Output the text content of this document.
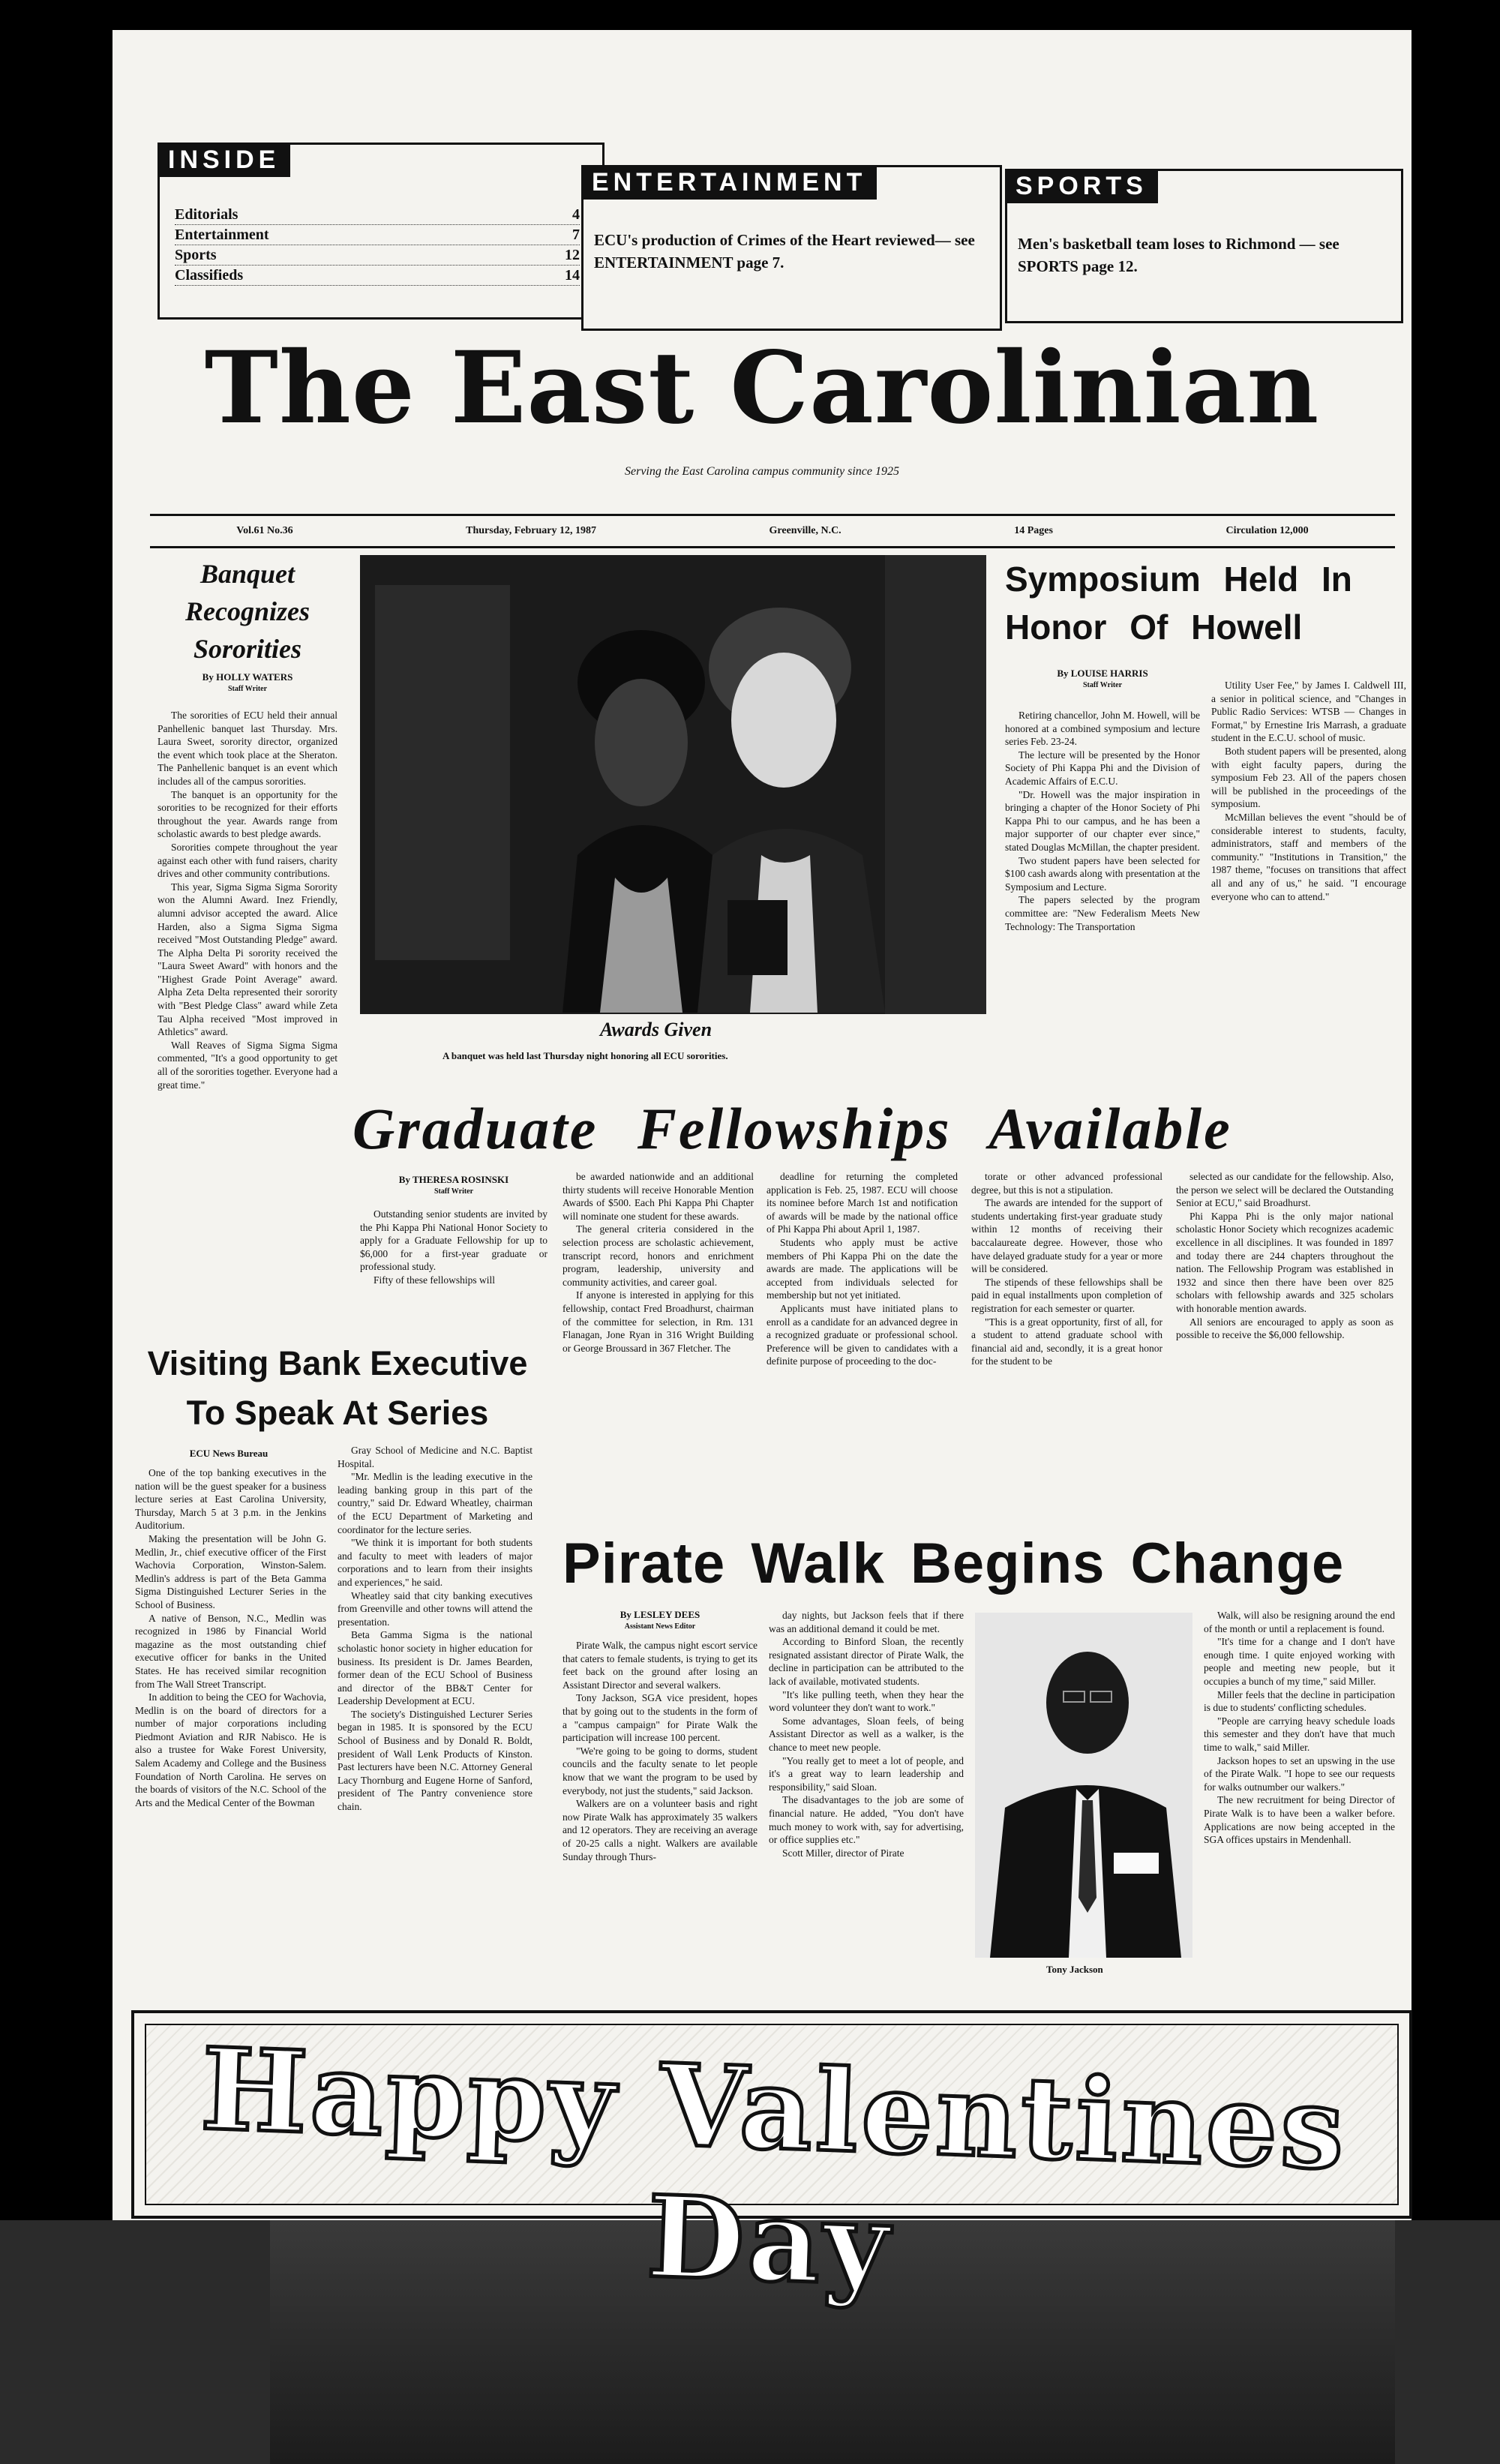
INSIDE
Editorials	4
Entertainment	7
Sports	12
Classifieds	14
ENTERTAINMENT
ECU's production of Crimes of the Heart reviewed— see ENTERTAINMENT page 7.
SPORTS
Men's basketball team loses to Richmond — see SPORTS page 12.
The East Carolinian
Serving the East Carolina campus community since 1925
Vol.61 No.36	Thursday, February 12, 1987	Greenville, N.C.	14 Pages	Circulation 12,000
Banquet Recognizes Sororities
By HOLLY WATERS
Staff Writer

The sororities of ECU held their annual Panhellenic banquet last Thursday. Mrs. Laura Sweet, sorority director, organized the event which took place at the Sheraton. The Panhellenic banquet is an event which includes all of the campus sororities.

The banquet is an opportunity for the sororities to be recognized for their efforts throughout the year. Awards range from scholastic awards to best pledge awards.

Sororities compete throughout the year against each other with fund raisers, charity drives and other community contributions.

This year, Sigma Sigma Sigma Sorority won the Alumni Award. Inez Friendly, alumni advisor accepted the award. Alice Harden, also a Sigma Sigma Sigma received "Most Outstanding Pledge" award. The Alpha Delta Pi sorority received the "Laura Sweet Award" with honors and the "Highest Grade Point Average" award. Alpha Zeta Delta represented their sorority with "Best Pledge Class" award while Zeta Tau Alpha received "Most improved in Athletics" award.

Wall Reaves of Sigma Sigma Sigma commented, "It's a good opportunity to get all of the sororities together. Everyone had a great time."

Awards Given
A banquet was held last Thursday night honoring all ECU sororities.
Symposium Held In Honor Of Howell
By LOUISE HARRIS
Staff Writer

Retiring chancellor, John M. Howell, will be honored at a combined symposium and lecture series Feb. 23-24.

The lecture will be presented by the Honor Society of Phi Kappa Phi and the Division of Academic Affairs of E.C.U.

"Dr. Howell was the major inspiration in bringing a chapter of the Honor Society of Phi Kappa Phi to our campus, and he has been a major supporter of our chapter ever since," stated Douglas McMillan, the chapter president.

Two student papers have been selected for $100 cash awards along with presentation at the Symposium and Lecture.

The papers selected by the program committee are: "New Federalism Meets New Technology: The Transportation

Utility User Fee," by James I. Caldwell III, a senior in political science, and "Changes in Public Radio Services: WTSB — Changes in Format," by Ernestine Iris Marrash, a graduate student in the E.C.U. school of music.

Both student papers will be presented, along with eight faculty papers, during the symposium Feb 23. All of the papers chosen will be published in the proceedings of the symposium.

McMillan believes the event "should be of considerable interest to students, faculty, administrators, staff and members of the community." "Institutions in Transition," the 1987 theme, "focuses on transitions that affect all and any of us," he said. "I encourage everyone who can to attend."

Graduate Fellowships Available
By THERESA ROSINSKI
Staff Writer

Outstanding senior students are invited by the Phi Kappa Phi National Honor Society to apply for a Graduate Fellowship for up to $6,000 for a first-year graduate or professional study.

Fifty of these fellowships will

be awarded nationwide and an additional thirty students will receive Honorable Mention Awards of $500. Each Phi Kappa Phi Chapter will nominate one student for these awards.

The general criteria considered in the selection process are scholastic achievement, transcript record, honors and enrichment program, leadership, university and community activities, and career goal.

If anyone is interested in applying for this fellowship, contact Fred Broadhurst, chairman of the committee for selection, in Rm. 131 Flanagan, Jone Ryan in 316 Wright Building or George Broussard in 367 Fletcher. The

deadline for returning the completed application is Feb. 25, 1987. ECU will choose its nominee before March 1st and notification of awards will be made by the national office of Phi Kappa Phi about April 1, 1987.

Students who apply must be active members of Phi Kappa Phi on the date the awards are made. The applications will be accepted from individuals selected for membership but not yet initiated.

Applicants must have initiated plans to enroll as a candidate for an advanced degree in a recognized graduate or professional school. Preference will be given to candidates with a definite purpose of proceeding to the doc-

torate or other advanced professional degree, but this is not a stipulation.

The awards are intended for the support of students undertaking first-year graduate study within 12 months of receiving their baccalaureate degree. However, those who have delayed graduate study for a year or more will be considered.

The stipends of these fellowships shall be paid in equal installments upon completion of registration for each semester or quarter.

"This is a great opportunity, first of all, for a student to attend graduate school with financial aid and, secondly, it is a great honor for the student to be

selected as our candidate for the fellowship. Also, the person we select will be declared the Outstanding Senior at ECU," said Broadhurst.

Phi Kappa Phi is the only major national scholastic Honor Society which recognizes academic excellence in all disciplines. It was founded in 1897 and today there are 244 chapters throughout the nation. The Fellowship Program was established in 1932 and since then there have been over 825 scholars with fellowship awards and 325 scholars with honorable mention awards.

All seniors are encouraged to apply as soon as possible to receive the $6,000 fellowship.

Visiting Bank Executive To Speak At Series
ECU News Bureau

One of the top banking executives in the nation will be the guest speaker for a business lecture series at East Carolina University, Thursday, March 5 at 3 p.m. in the Jenkins Auditorium.

Making the presentation will be John G. Medlin, Jr., chief executive officer of the First Wachovia Corporation, Winston-Salem. Medlin's address is part of the Beta Gamma Sigma Distinguished Lecturer Series in the School of Business.

A native of Benson, N.C., Medlin was recognized in 1986 by Financial World magazine as the most outstanding chief executive officer for banks in the United States. He has received similar recognition from The Wall Street Transcript.

In addition to being the CEO for Wachovia, Medlin is on the board of directors for a number of major corporations including Piedmont Aviation and RJR Nabisco. He is also a trustee for Wake Forest University, Salem Academy and College and the Business Foundation of North Carolina. He serves on the boards of visitors of the N.C. School of the Arts and the Medical Center of the Bowman

Gray School of Medicine and N.C. Baptist Hospital.

"Mr. Medlin is the leading executive in the leading banking group in this part of the country," said Dr. Edward Wheatley, chairman of the ECU Department of Marketing and coordinator for the lecture series.

"We think it is important for both students and faculty to meet with leaders of major corporations and to learn from their insights and experiences," he said.

Wheatley said that city banking executives from Greenville and other towns will attend the presentation.

Beta Gamma Sigma is the national scholastic honor society in higher education for business. Its president is Dr. James Bearden, former dean of the ECU School of Business and director of the BB&T Center for Leadership Development at ECU.

The society's Distinguished Lecturer Series began in 1985. It is sponsored by the ECU School of Business and by Donald R. Boldt, president of Wall Lenk Products of Kinston. Past lecturers have been N.C. Attorney General Lacy Thornburg and Eugene Horne of Sanford, president of The Pantry convenience store chain.

Pirate Walk Begins Change
By LESLEY DEES
Assistant News Editor

Pirate Walk, the campus night escort service that caters to female students, is trying to get its feet back on the ground after losing an Assistant Director and several walkers.

Tony Jackson, SGA vice president, hopes that by going out to the students in the form of a "campus campaign" for Pirate Walk the participation will increase 100 percent.

"We're going to be going to dorms, student councils and the faculty senate to let people know that we want the program to be used by everybody, not just the students," said Jackson.

Walkers are on a volunteer basis and right now Pirate Walk has approximately 35 walkers and 12 operators. They are receiving an average of 20-25 calls a night. Walkers are available Sunday through Thurs-

day nights, but Jackson feels that if there was an additional demand it could be met.

According to Binford Sloan, the recently resignated assistant director of Pirate Walk, the decline in participation can be attributed to the lack of available, motivated students.

"It's like pulling teeth, when they hear the word volunteer they don't want to work."

Some advantages, Sloan feels, of being Assistant Director as well as a walker, is the chance to meet new people.

"You really get to meet a lot of people, and it's a great way to learn leadership and responsibility," said Sloan.

The disadvantages to the job are some of financial nature. He added, "You don't have much money to work with, say for advertising, or office supplies etc."

Scott Miller, director of Pirate

Tony Jackson

Walk, will also be resigning around the end of the month or until a replacement is found.

"It's time for a change and I don't have enough time. I quite enjoyed working with people and meeting new people, but it occupies a bunch of my time," said Miller.

Miller feels that the decline in participation is due to students' conflicting schedules.

"People are carrying heavy schedule loads this semester and they don't have that much time to walk," said Miller.

Jackson hopes to set an upswing in the use of the Pirate Walk. "I hope to see our requests for walks outnumber our walkers."

The new recruitment for being Director of Pirate Walk is to have been a walker before. Applications are now being accepted in the SGA offices upstairs in Mendenhall.

Happy Valentines Day
